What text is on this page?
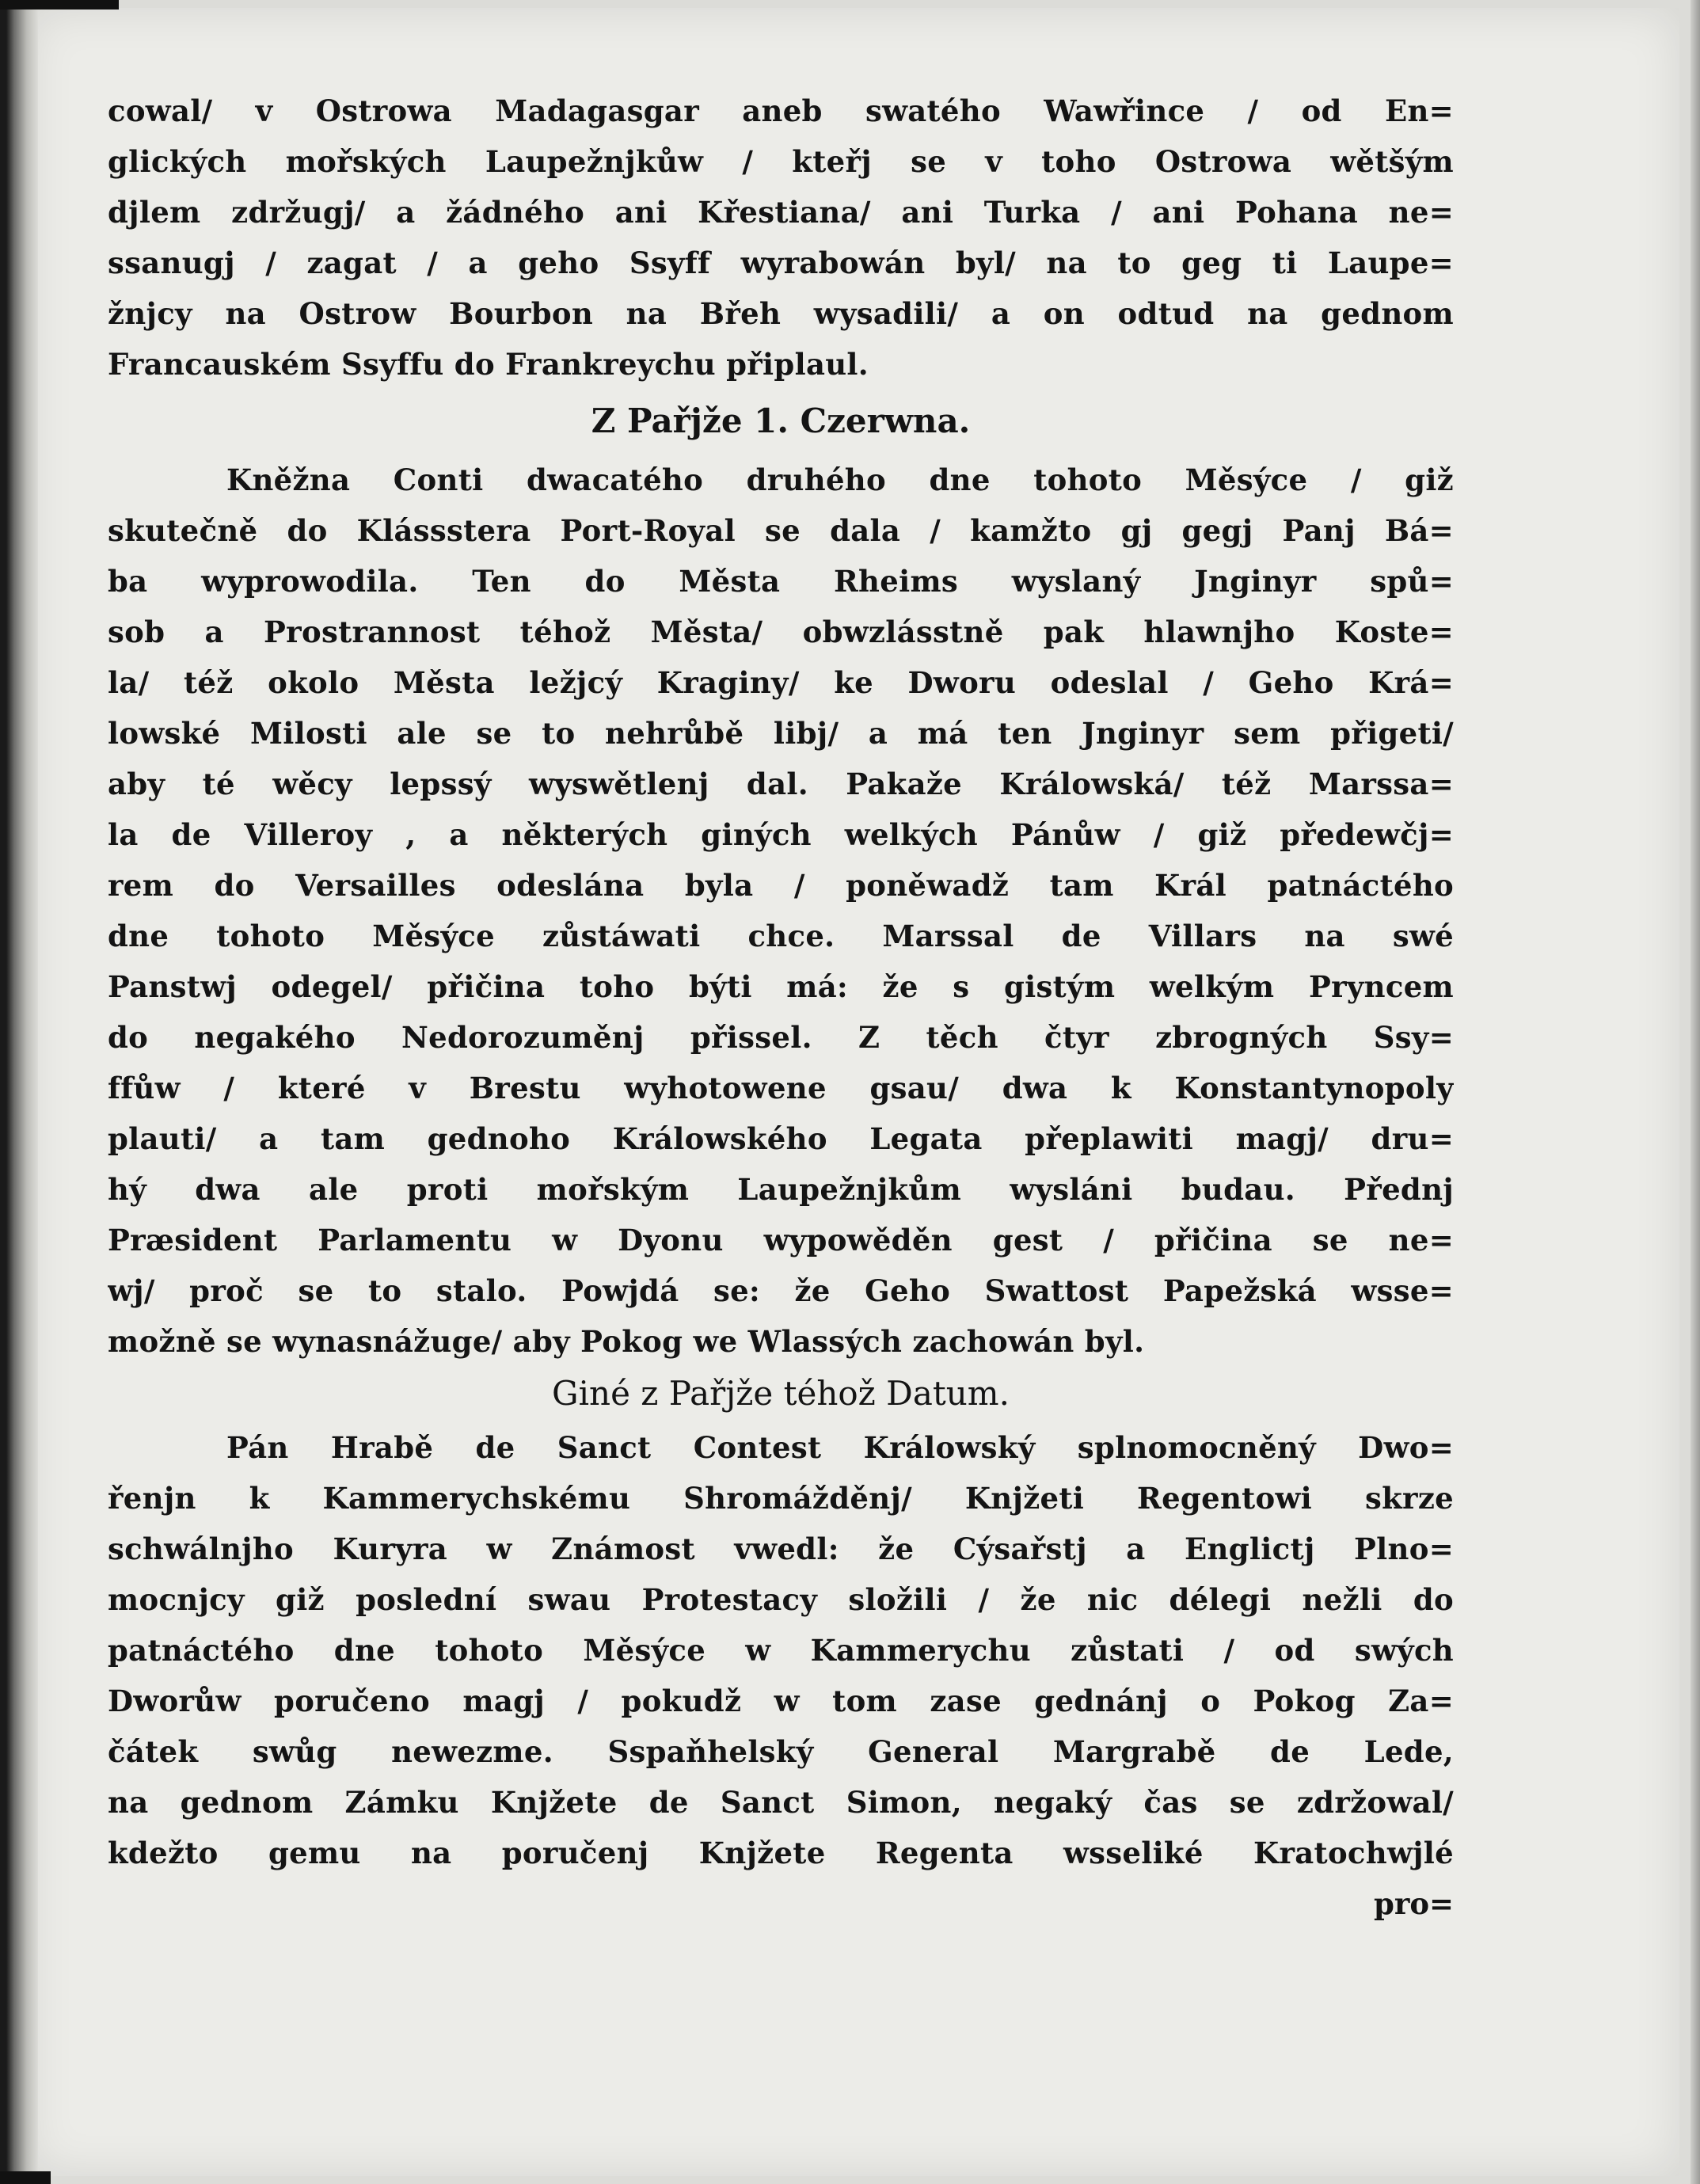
cowal/ v Ostrowa Madagasgar aneb swatého Wawřince / od En=
glických mořských Laupežnjkůw / kteřj se v toho Ostrowa wětšým
djlem zdržugj/ a žádného ani Křestiana/ ani Turka / ani Pohana ne=
ssanugj / zagat / a geho Ssyff wyrabowán byl/ na to geg ti Laupe=
žnjcy na Ostrow Bourbon na Břeh wysadili/ a on odtud na gednom
Francauském Ssyffu do Frankreychu připlaul.
Z Pařjže 1. Czerwna.
Kněžna Conti dwacatého druhého dne tohoto Měsýce / giž
skutečně do Klássstera Port-Royal se dala / kamžto gj gegj Panj Bá=
ba wyprowodila. Ten do Města Rheims wyslaný Jnginyr spů=
sob a Prostrannost téhož Města/ obwzlásstně pak hlawnjho Koste=
la/ též okolo Města ležjcý Kraginy/ ke Dworu odeslal / Geho Krá=
lowské Milosti ale se to nehrůbě libj/ a má ten Jnginyr sem přigeti/
aby té wěcy lepssý wyswětlenj dal. Pakaže Králowská/ též Marssa=
la de Villeroy , a některých giných welkých Pánůw / giž předewčj=
rem do Versailles odeslána byla / poněwadž tam Král patnáctého
dne tohoto Měsýce zůstáwati chce. Marssal de Villars na swé
Panstwj odegel/ přičina toho býti má: že s gistým welkým Pryncem
do negakého Nedorozuměnj přissel. Z těch čtyr zbrogných Ssy=
ffůw / které v Brestu wyhotowene gsau/ dwa k Konstantynopoly
plauti/ a tam gednoho Králowského Legata přeplawiti magj/ dru=
hý dwa ale proti mořským Laupežnjkům wysláni budau. Přednj
Præsident Parlamentu w Dyonu wypowěděn gest / přičina se ne=
wj/ proč se to stalo. Powjdá se: že Geho Swattost Papežská wsse=
možně se wynasnážuge/ aby Pokog we Wlassých zachowán byl.
Giné z Pařjže téhož Datum.
Pán Hrabě de Sanct Contest Králowský splnomocněný Dwo=
řenjn k Kammerychskému Shromážděnj/ Knjžeti Regentowi skrze
schwálnjho Kuryra w Známost vwedl: že Cýsařstj a Englictj Plno=
mocnjcy giž poslední swau Protestacy složili / že nic délegi nežli do
patnáctého dne tohoto Měsýce w Kammerychu zůstati / od swých
Dworůw poručeno magj / pokudž w tom zase gednánj o Pokog Za=
čátek swůg newezme. Sspaňhelský General Margrabě de Lede,
na gednom Zámku Knjžete de Sanct Simon, negaký čas se zdržowal/
kdežto gemu na poručenj Knjžete Regenta wsseliké Kratochwjlé
pro=
